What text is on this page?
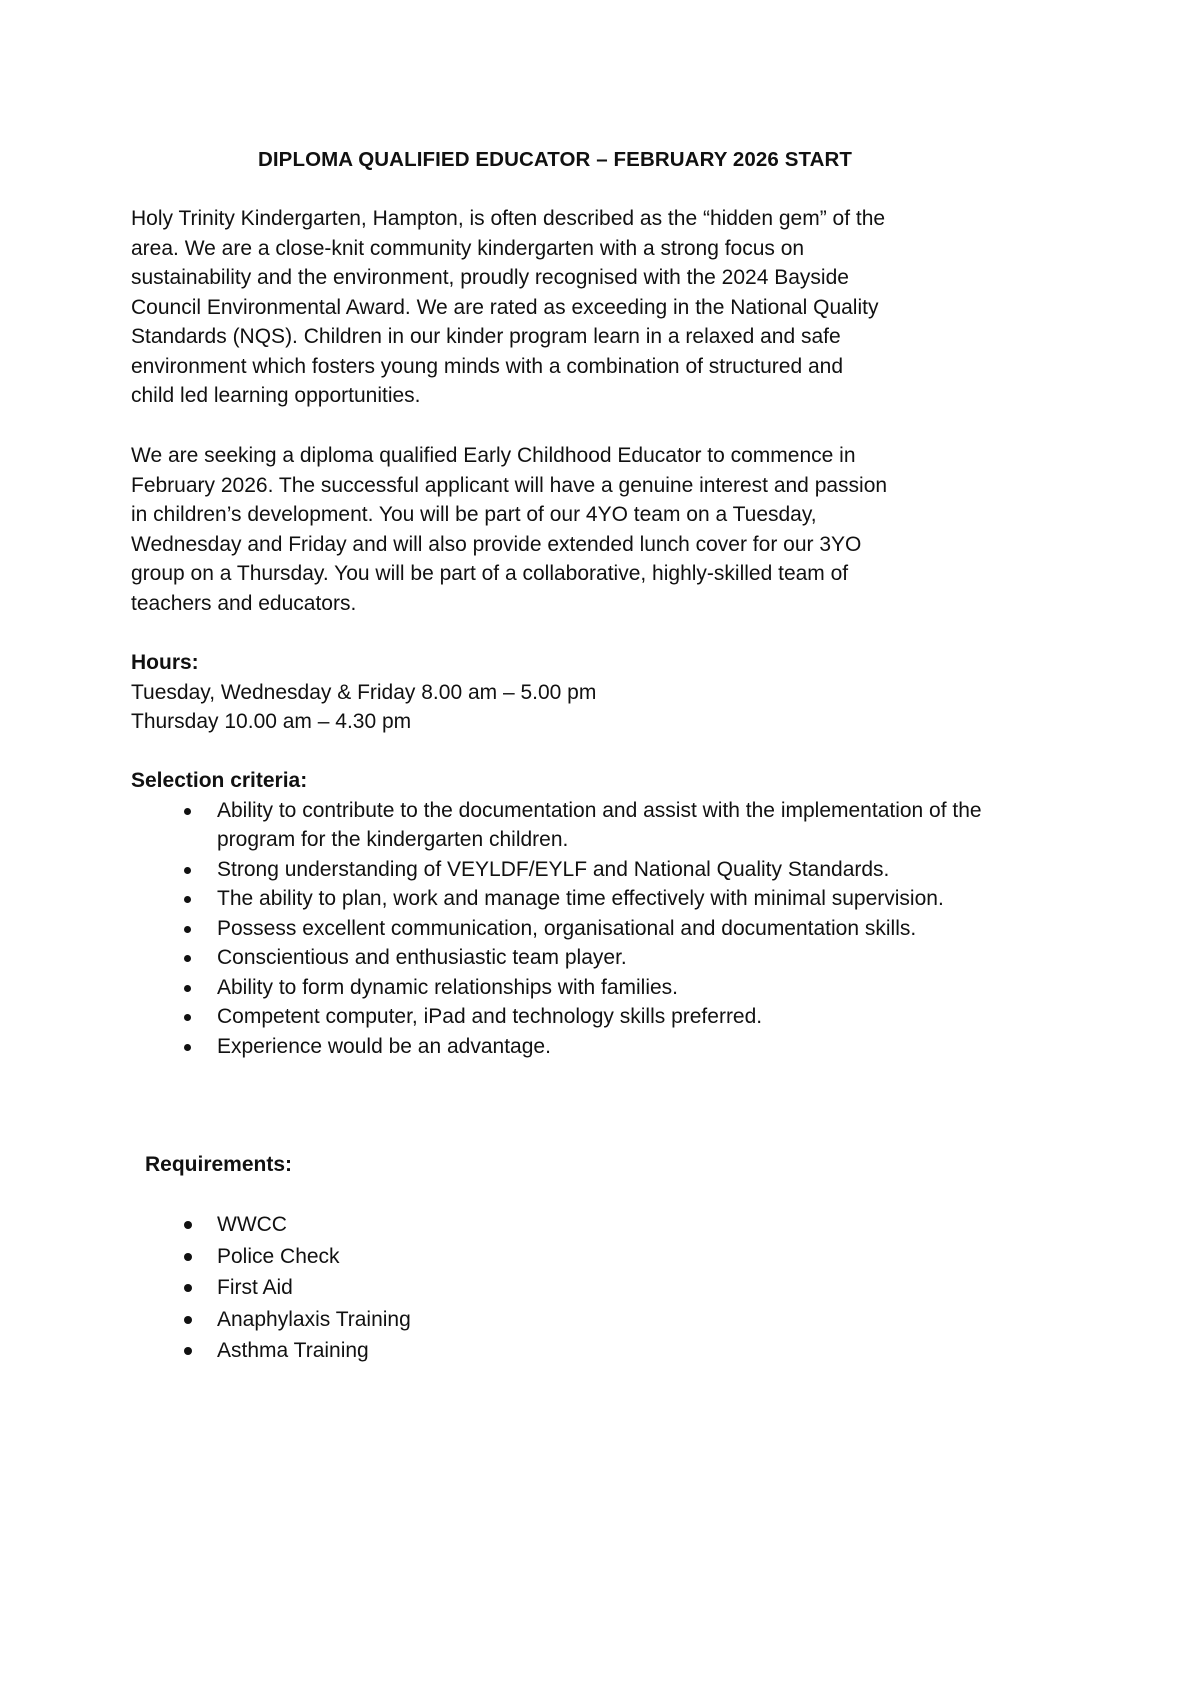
DIPLOMA QUALIFIED EDUCATOR – FEBRUARY 2026 START
Holy Trinity Kindergarten, Hampton, is often described as the “hidden gem” of the
area. We are a close-knit community kindergarten with a strong focus on
sustainability and the environment, proudly recognised with the 2024 Bayside
Council Environmental Award. We are rated as exceeding in the National Quality
Standards (NQS). Children in our kinder program learn in a relaxed and safe
environment which fosters young minds with a combination of structured and
child led learning opportunities.
We are seeking a diploma qualified Early Childhood Educator to commence in
February 2026. The successful applicant will have a genuine interest and passion
in children’s development. You will be part of our 4YO team on a Tuesday,
Wednesday and Friday and will also provide extended lunch cover for our 3YO
group on a Thursday. You will be part of a collaborative, highly-skilled team of
teachers and educators.
Hours:
Tuesday, Wednesday & Friday 8.00 am – 5.00 pm
Thursday 10.00 am – 4.30 pm
Selection criteria:
Ability to contribute to the documentation and assist with the implementation of the program for the kindergarten children.
Strong understanding of VEYLDF/EYLF and National Quality Standards.
The ability to plan, work and manage time effectively with minimal supervision.
Possess excellent communication, organisational and documentation skills.
Conscientious and enthusiastic team player.
Ability to form dynamic relationships with families.
Competent computer, iPad and technology skills preferred.
Experience would be an advantage.
Requirements:
WWCC
Police Check
First Aid
Anaphylaxis Training
Asthma Training
